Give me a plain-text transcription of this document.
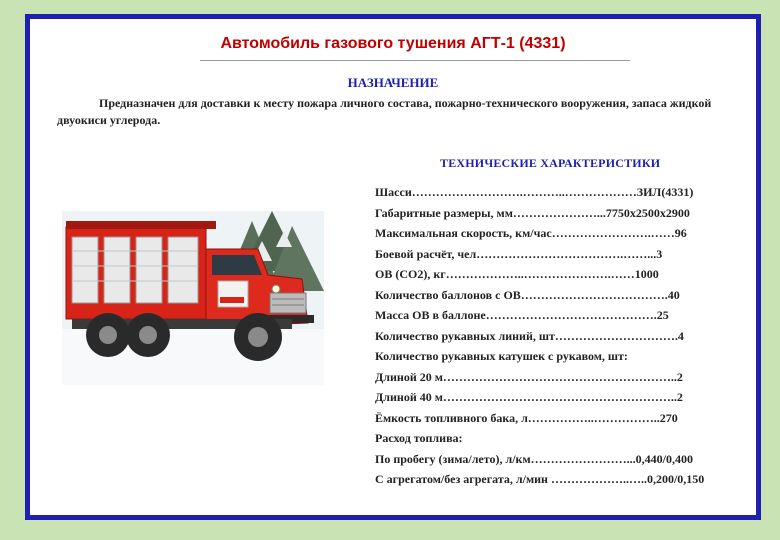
Автомобиль газового тушения АГТ-1 (4331)
НАЗНАЧЕНИЕ
Предназначен для доставки к месту пожара личного состава, пожарно-технического вооружения, запаса жидкой двуокиси углерода.
ТЕХНИЧЕСКИЕ ХАРАКТЕРИСТИКИ
Шасси……………………….………..………………ЗИЛ(4331)
Габаритные размеры, мм…………………...7750х2500х2900
Максимальная скорость, км/час…………………….……96
Боевой расчёт, чел……………………………….……...3
ОВ (СО2), кг………………..………………….……1000
Количество баллонов с ОВ……………………………….40
Масса ОВ в баллоне…………………………………….25
Количество рукавных линий, шт………………………….4
Количество рукавных катушек с рукавом, шт:
Длиной 20 м…………………………………………………..2
Длиной 40 м…………………………………………………..2
Ёмкость топливного бака, л……………..……………..270
Расход топлива:
По пробегу (зима/лето), л/км……………………...0,440/0,400
С агрегатом/без агрегата, л/мин ………………..…..0,200/0,150
